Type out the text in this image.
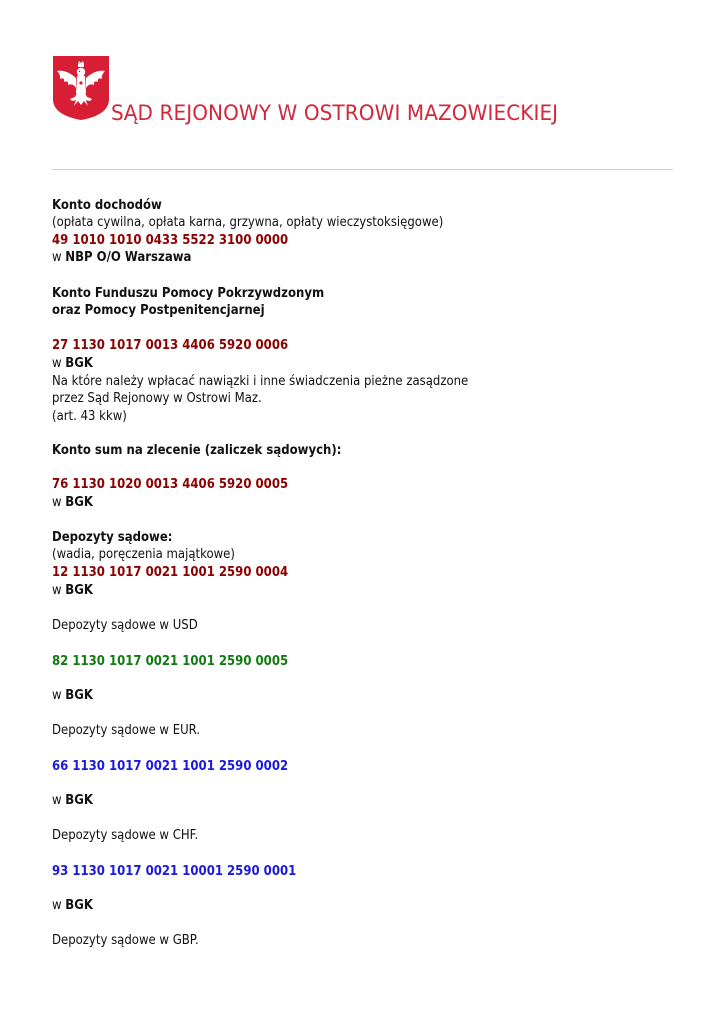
SĄD REJONOWY W OSTROWI MAZOWIECKIEJ
Konto dochodów
(opłata cywilna, opłata karna, grzywna, opłaty wieczystoksięgowe)
49 1010 1010 0433 5522 3100 0000
w NBP O/O Warszawa
Konto Funduszu Pomocy Pokrzywdzonym
oraz Pomocy Postpenitencjarnej
27 1130 1017 0013 4406 5920 0006
w BGK
Na które należy wpłacać nawiązki i inne świadczenia pieżne zasądzone
przez Sąd Rejonowy w Ostrowi Maz.
(art. 43 kkw)
Konto sum na zlecenie (zaliczek sądowych):
76 1130 1020 0013 4406 5920 0005
w BGK
Depozyty sądowe:
(wadia, poręczenia majątkowe)
12 1130 1017 0021 1001 2590 0004
w BGK
Depozyty sądowe w USD
82 1130 1017 0021 1001 2590 0005
w BGK
Depozyty sądowe w EUR.
66 1130 1017 0021 1001 2590 0002
w BGK
Depozyty sądowe w CHF.
93 1130 1017 0021 10001 2590 0001
w BGK
Depozyty sądowe w GBP.
